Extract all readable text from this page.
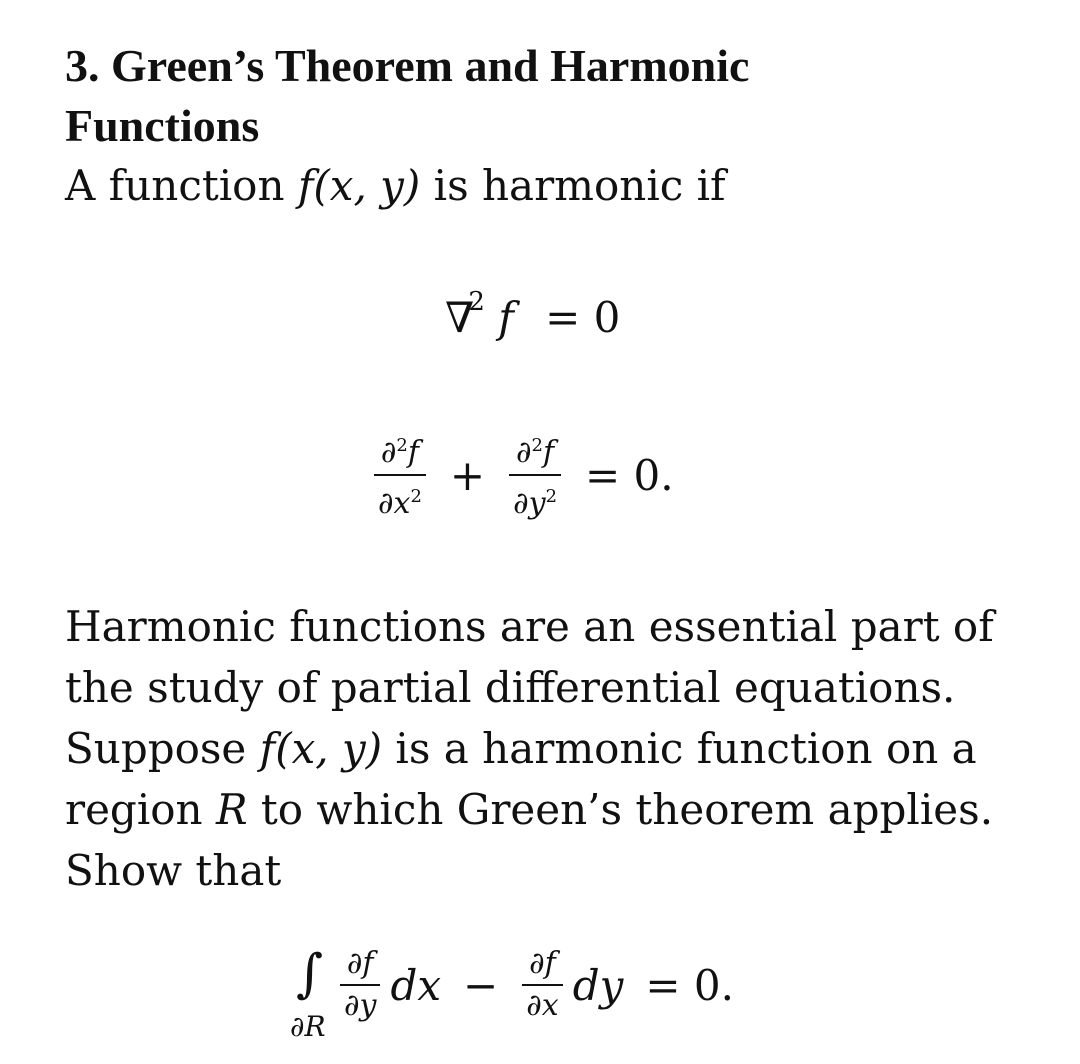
3. Green’s Theorem and Harmonic
Functions

A function f(x, y) is harmonic if

∇$^2$ f = 0
$\frac{\partial^2f}{\partial x^2} + \frac{\partial^2f}{\partial y^2} = 0$.

Harmonic functions are an essential part of
the study of partial differential equations.
Suppose f(x, y) is a harmonic function on a
region R to which Green’s theorem applies.
Show that

∫
∂R
$\frac{\partial f}{\partial y}$ dx − $\frac{\partial f}{\partial x}$ dy = 0.
